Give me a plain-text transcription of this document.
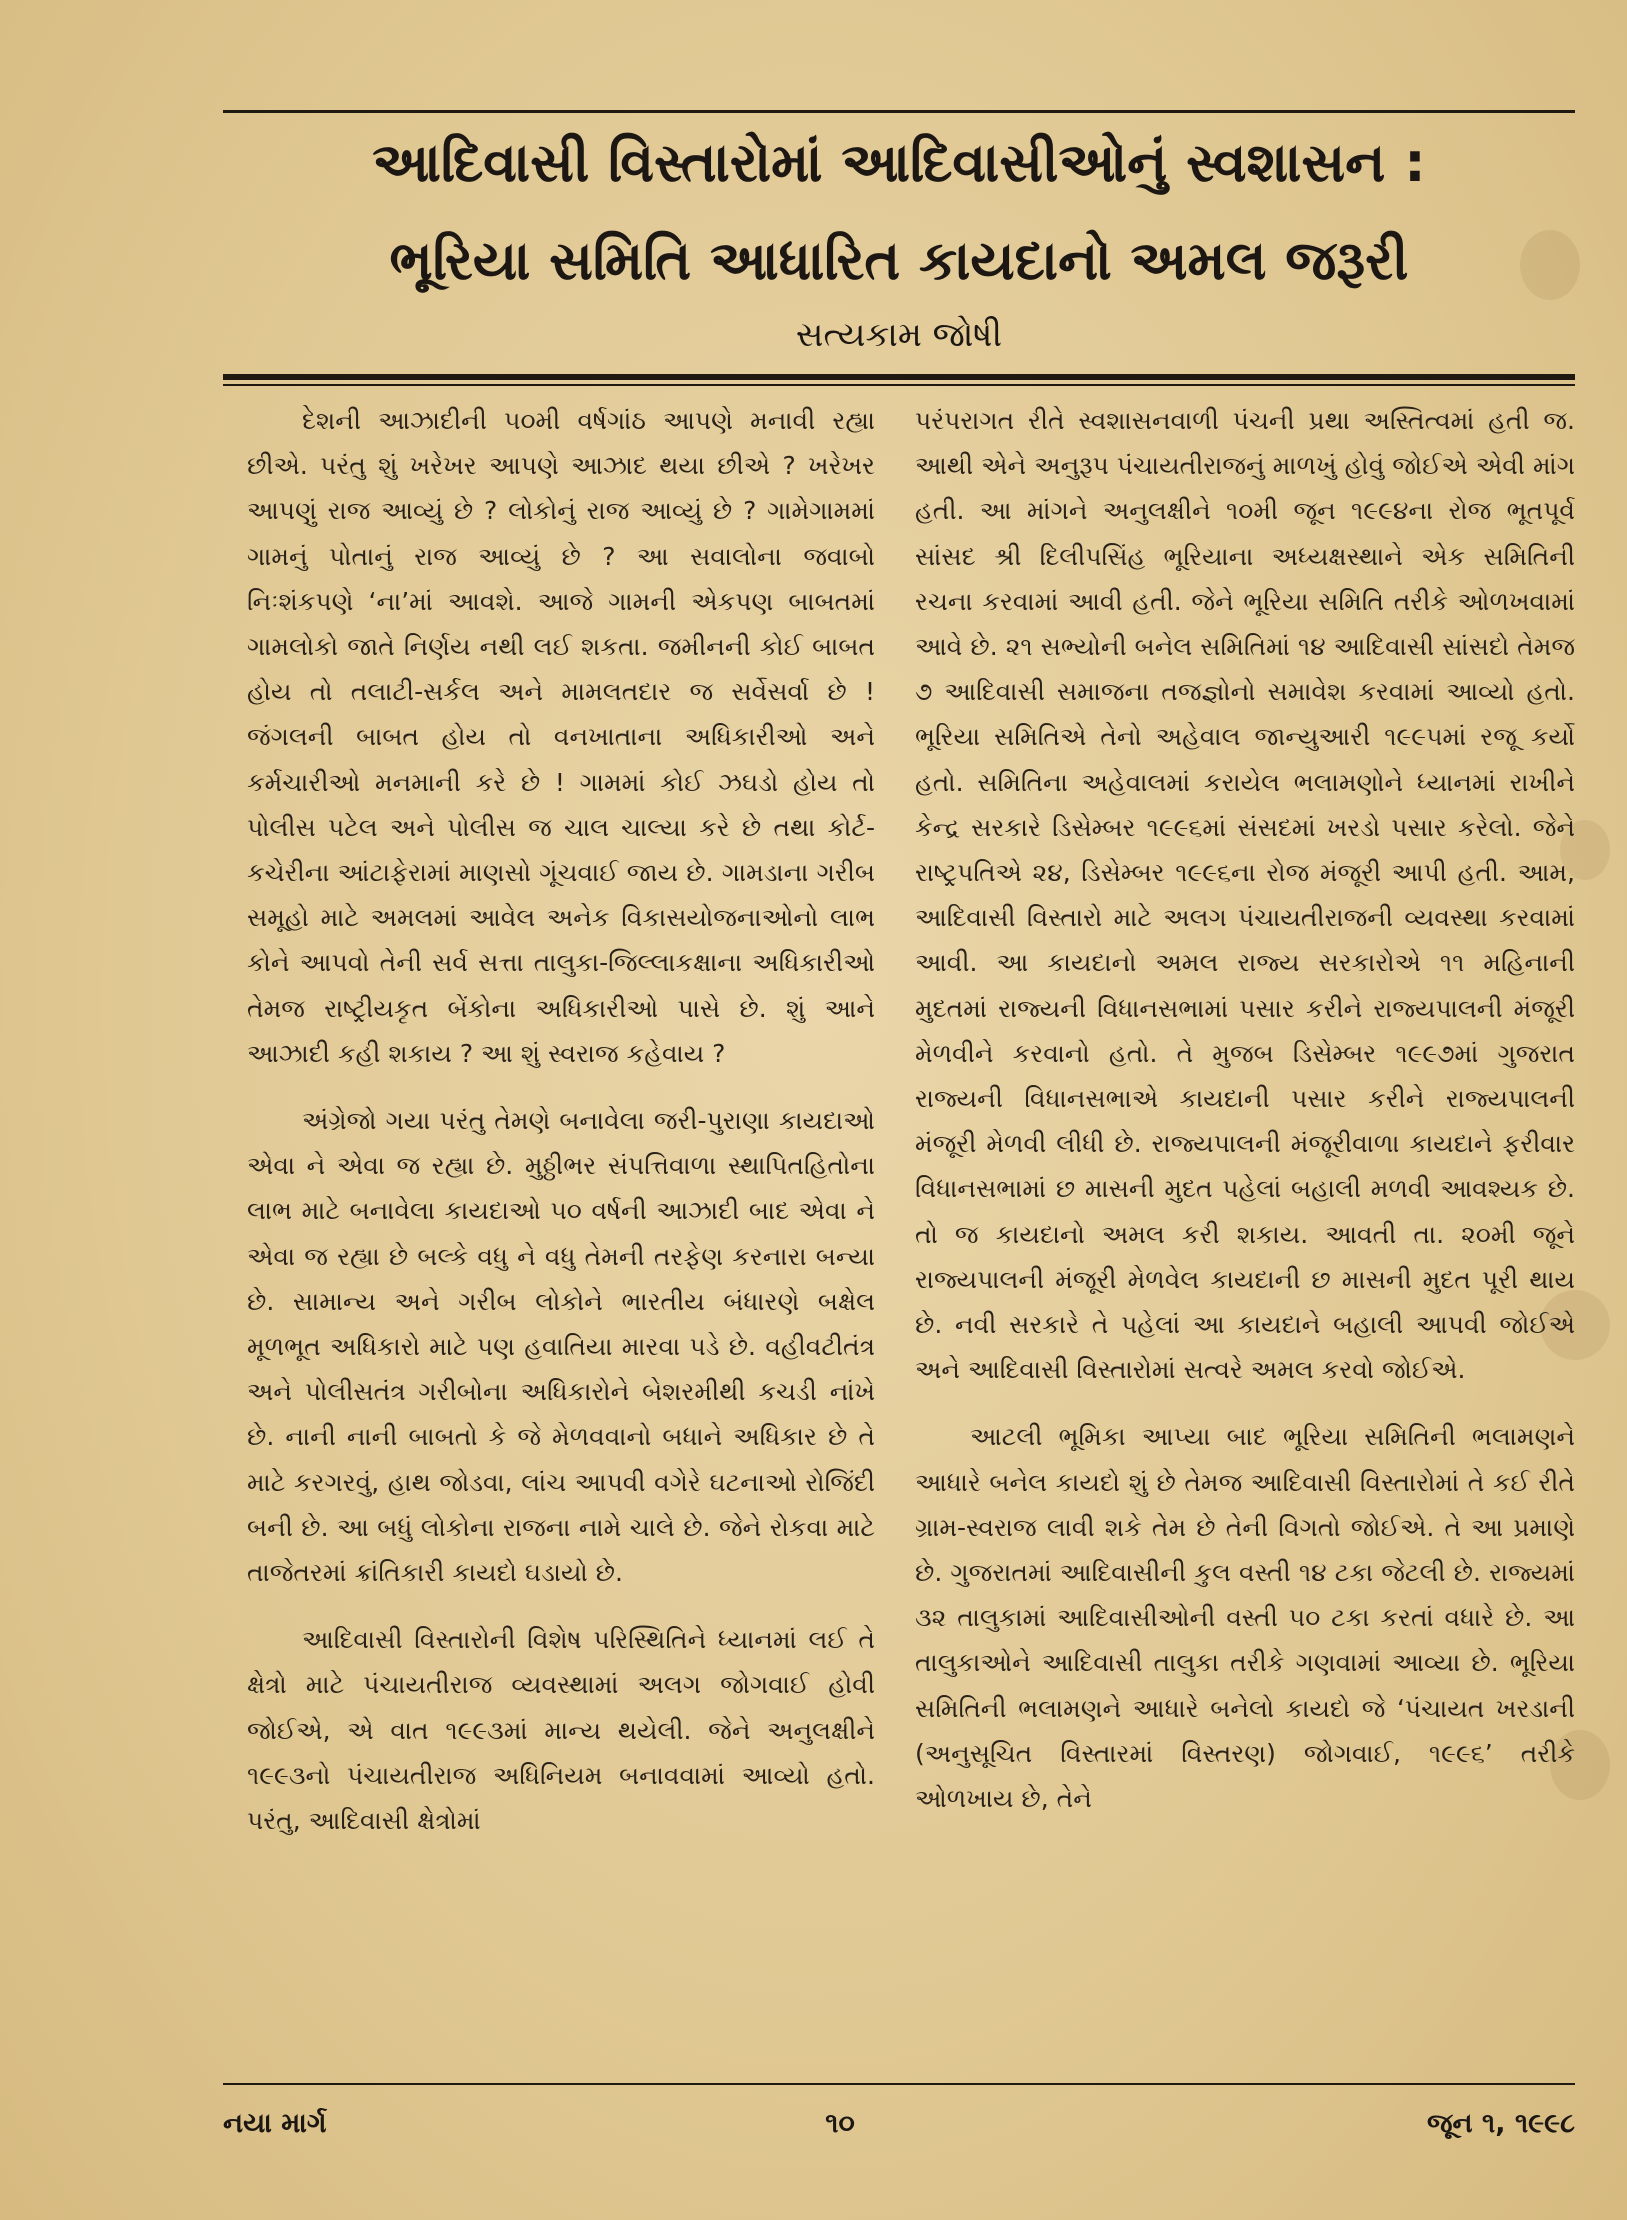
આદિવાસી વિસ્તારોમાં આદિવાસીઓનું સ્વશાસન :
ભૂરિયા સમિતિ આધારિત કાયદાનો અમલ જરૂરી
સત્યકામ જોષી

દેશની આઝાદીની ૫૦મી વર્ષગાંઠ આપણે મનાવી રહ્યા છીએ. પરંતુ શું ખરેખર આપણે આઝાદ થયા છીએ ? ખરેખર આપણું રાજ આવ્યું છે ? લોકોનું રાજ આવ્યું છે ? ગામેગામમાં ગામનું પોતાનું રાજ આવ્યું છે ? આ સવાલોના જવાબો નિઃશંકપણે ‘ના’માં આવશે. આજે ગામની એકપણ બાબતમાં ગામલોકો જાતે નિર્ણય નથી લઈ શકતા. જમીનની કોઈ બાબત હોય તો તલાટી-સર્કલ અને મામલતદાર જ સર્વેસર્વા છે ! જંગલની બાબત હોય તો વનખાતાના અધિકારીઓ અને કર્મચારીઓ મનમાની કરે છે ! ગામમાં કોઈ ઝઘડો હોય તો પોલીસ પટેલ અને પોલીસ જ ચાલ ચાલ્યા કરે છે તથા કોર્ટ-કચેરીના આંટાફેરામાં માણસો ગૂંચવાઈ જાય છે. ગામડાના ગરીબ સમૂહો માટે અમલમાં આવેલ અનેક વિકાસયોજનાઓનો લાભ કોને આપવો તેની સર્વ સત્તા તાલુકા-જિલ્લાકક્ષાના અધિકારીઓ તેમજ રાષ્ટ્રીયકૃત બેંકોના અધિકારીઓ પાસે છે. શું આને આઝાદી કહી શકાય ? આ શું સ્વરાજ કહેવાય ?

અંગ્રેજો ગયા પરંતુ તેમણે બનાવેલા જરી-પુરાણા કાયદાઓ એવા ને એવા જ રહ્યા છે. મુઠ્ઠીભર સંપત્તિવાળા સ્થાપિતહિતોના લાભ માટે બનાવેલા કાયદાઓ ૫૦ વર્ષની આઝાદી બાદ એવા ને એવા જ રહ્યા છે બલ્કે વધુ ને વધુ તેમની તરફેણ કરનારા બન્યા છે. સામાન્ય અને ગરીબ લોકોને ભારતીય બંધારણે બક્ષેલ મૂળભૂત અધિકારો માટે પણ હવાતિયા મારવા પડે છે. વહીવટીતંત્ર અને પોલીસતંત્ર ગરીબોના અધિકારોને બેશરમીથી કચડી નાંખે છે. નાની નાની બાબતો કે જે મેળવવાનો બધાને અધિકાર છે તે માટે કરગરવું, હાથ જોડવા, લાંચ આપવી વગેરે ઘટનાઓ રોજિંદી બની છે. આ બધું લોકોના રાજના નામે ચાલે છે. જેને રોકવા માટે તાજેતરમાં ક્રાંતિકારી કાયદો ઘડાયો છે.

આદિવાસી વિસ્તારોની વિશેષ પરિસ્થિતિને ધ્યાનમાં લઈ તે ક્ષેત્રો માટે પંચાયતીરાજ વ્યવસ્થામાં અલગ જોગવાઈ હોવી જોઈએ, એ વાત ૧૯૯૩માં માન્ય થયેલી. જેને અનુલક્ષીને ૧૯૯૩નો પંચાયતીરાજ અધિનિયમ બનાવવામાં આવ્યો હતો. પરંતુ, આદિવાસી ક્ષેત્રોમાં

પરંપરાગત રીતે સ્વશાસનવાળી પંચની પ્રથા અસ્તિત્વમાં હતી જ. આથી એને અનુરૂપ પંચાયતીરાજનું માળખું હોવું જોઈએ એવી માંગ હતી. આ માંગને અનુલક્ષીને ૧૦મી જૂન ૧૯૯૪ના રોજ ભૂતપૂર્વ સાંસદ શ્રી દિલીપસિંહ ભૂરિયાના અધ્યક્ષસ્થાને એક સમિતિની રચના કરવામાં આવી હતી. જેને ભૂરિયા સમિતિ તરીકે ઓળખવામાં આવે છે. ૨૧ સભ્યોની બનેલ સમિતિમાં ૧૪ આદિવાસી સાંસદો તેમજ ૭ આદિવાસી સમાજના તજજ્ઞોનો સમાવેશ કરવામાં આવ્યો હતો. ભૂરિયા સમિતિએ તેનો અહેવાલ જાન્યુઆરી ૧૯૯૫માં રજૂ કર્યો હતો. સમિતિના અહેવાલમાં કરાયેલ ભલામણોને ધ્યાનમાં રાખીને કેન્દ્ર સરકારે ડિસેમ્બર ૧૯૯૬માં સંસદમાં ખરડો પસાર કરેલો. જેને રાષ્ટ્રપતિએ ૨૪, ડિસેમ્બર ૧૯૯૬ના રોજ મંજૂરી આપી હતી. આમ, આદિવાસી વિસ્તારો માટે અલગ પંચાયતીરાજની વ્યવસ્થા કરવામાં આવી. આ કાયદાનો અમલ રાજ્ય સરકારોએ ૧૧ મહિનાની મુદતમાં રાજ્યની વિધાનસભામાં પસાર કરીને રાજ્યપાલની મંજૂરી મેળવીને કરવાનો હતો. તે મુજબ ડિસેમ્બર ૧૯૯૭માં ગુજરાત રાજ્યની વિધાનસભાએ કાયદાની પસાર કરીને રાજ્યપાલની મંજૂરી મેળવી લીધી છે. રાજ્યપાલની મંજૂરીવાળા કાયદાને ફરીવાર વિધાનસભામાં છ માસની મુદત પહેલાં બહાલી મળવી આવશ્યક છે. તો જ કાયદાનો અમલ કરી શકાય. આવતી તા. ૨૦મી જૂને રાજ્યપાલની મંજૂરી મેળવેલ કાયદાની છ માસની મુદત પૂરી થાય છે. નવી સરકારે તે પહેલાં આ કાયદાને બહાલી આપવી જોઈએ અને આદિવાસી વિસ્તારોમાં સત્વરે અમલ કરવો જોઈએ.

આટલી ભૂમિકા આપ્યા બાદ ભૂરિયા સમિતિની ભલામણને આધારે બનેલ કાયદો શું છે તેમજ આદિવાસી વિસ્તારોમાં તે કઈ રીતે ગ્રામ-સ્વરાજ લાવી શકે તેમ છે તેની વિગતો જોઈએ. તે આ પ્રમાણે છે. ગુજરાતમાં આદિવાસીની કુલ વસ્તી ૧૪ ટકા જેટલી છે. રાજ્યમાં ૩૨ તાલુકામાં આદિવાસીઓની વસ્તી ૫૦ ટકા કરતાં વધારે છે. આ તાલુકાઓને આદિવાસી તાલુકા તરીકે ગણવામાં આવ્યા છે. ભૂરિયા સમિતિની ભલામણને આધારે બનેલો કાયદો જે ‘પંચાયત ખરડાની (અનુસૂચિત વિસ્તારમાં વિસ્તરણ) જોગવાઈ, ૧૯૯૬’ તરીકે ઓળખાય છે, તેને

નયા માર્ગ	૧૦	જૂન ૧, ૧૯૯૮
